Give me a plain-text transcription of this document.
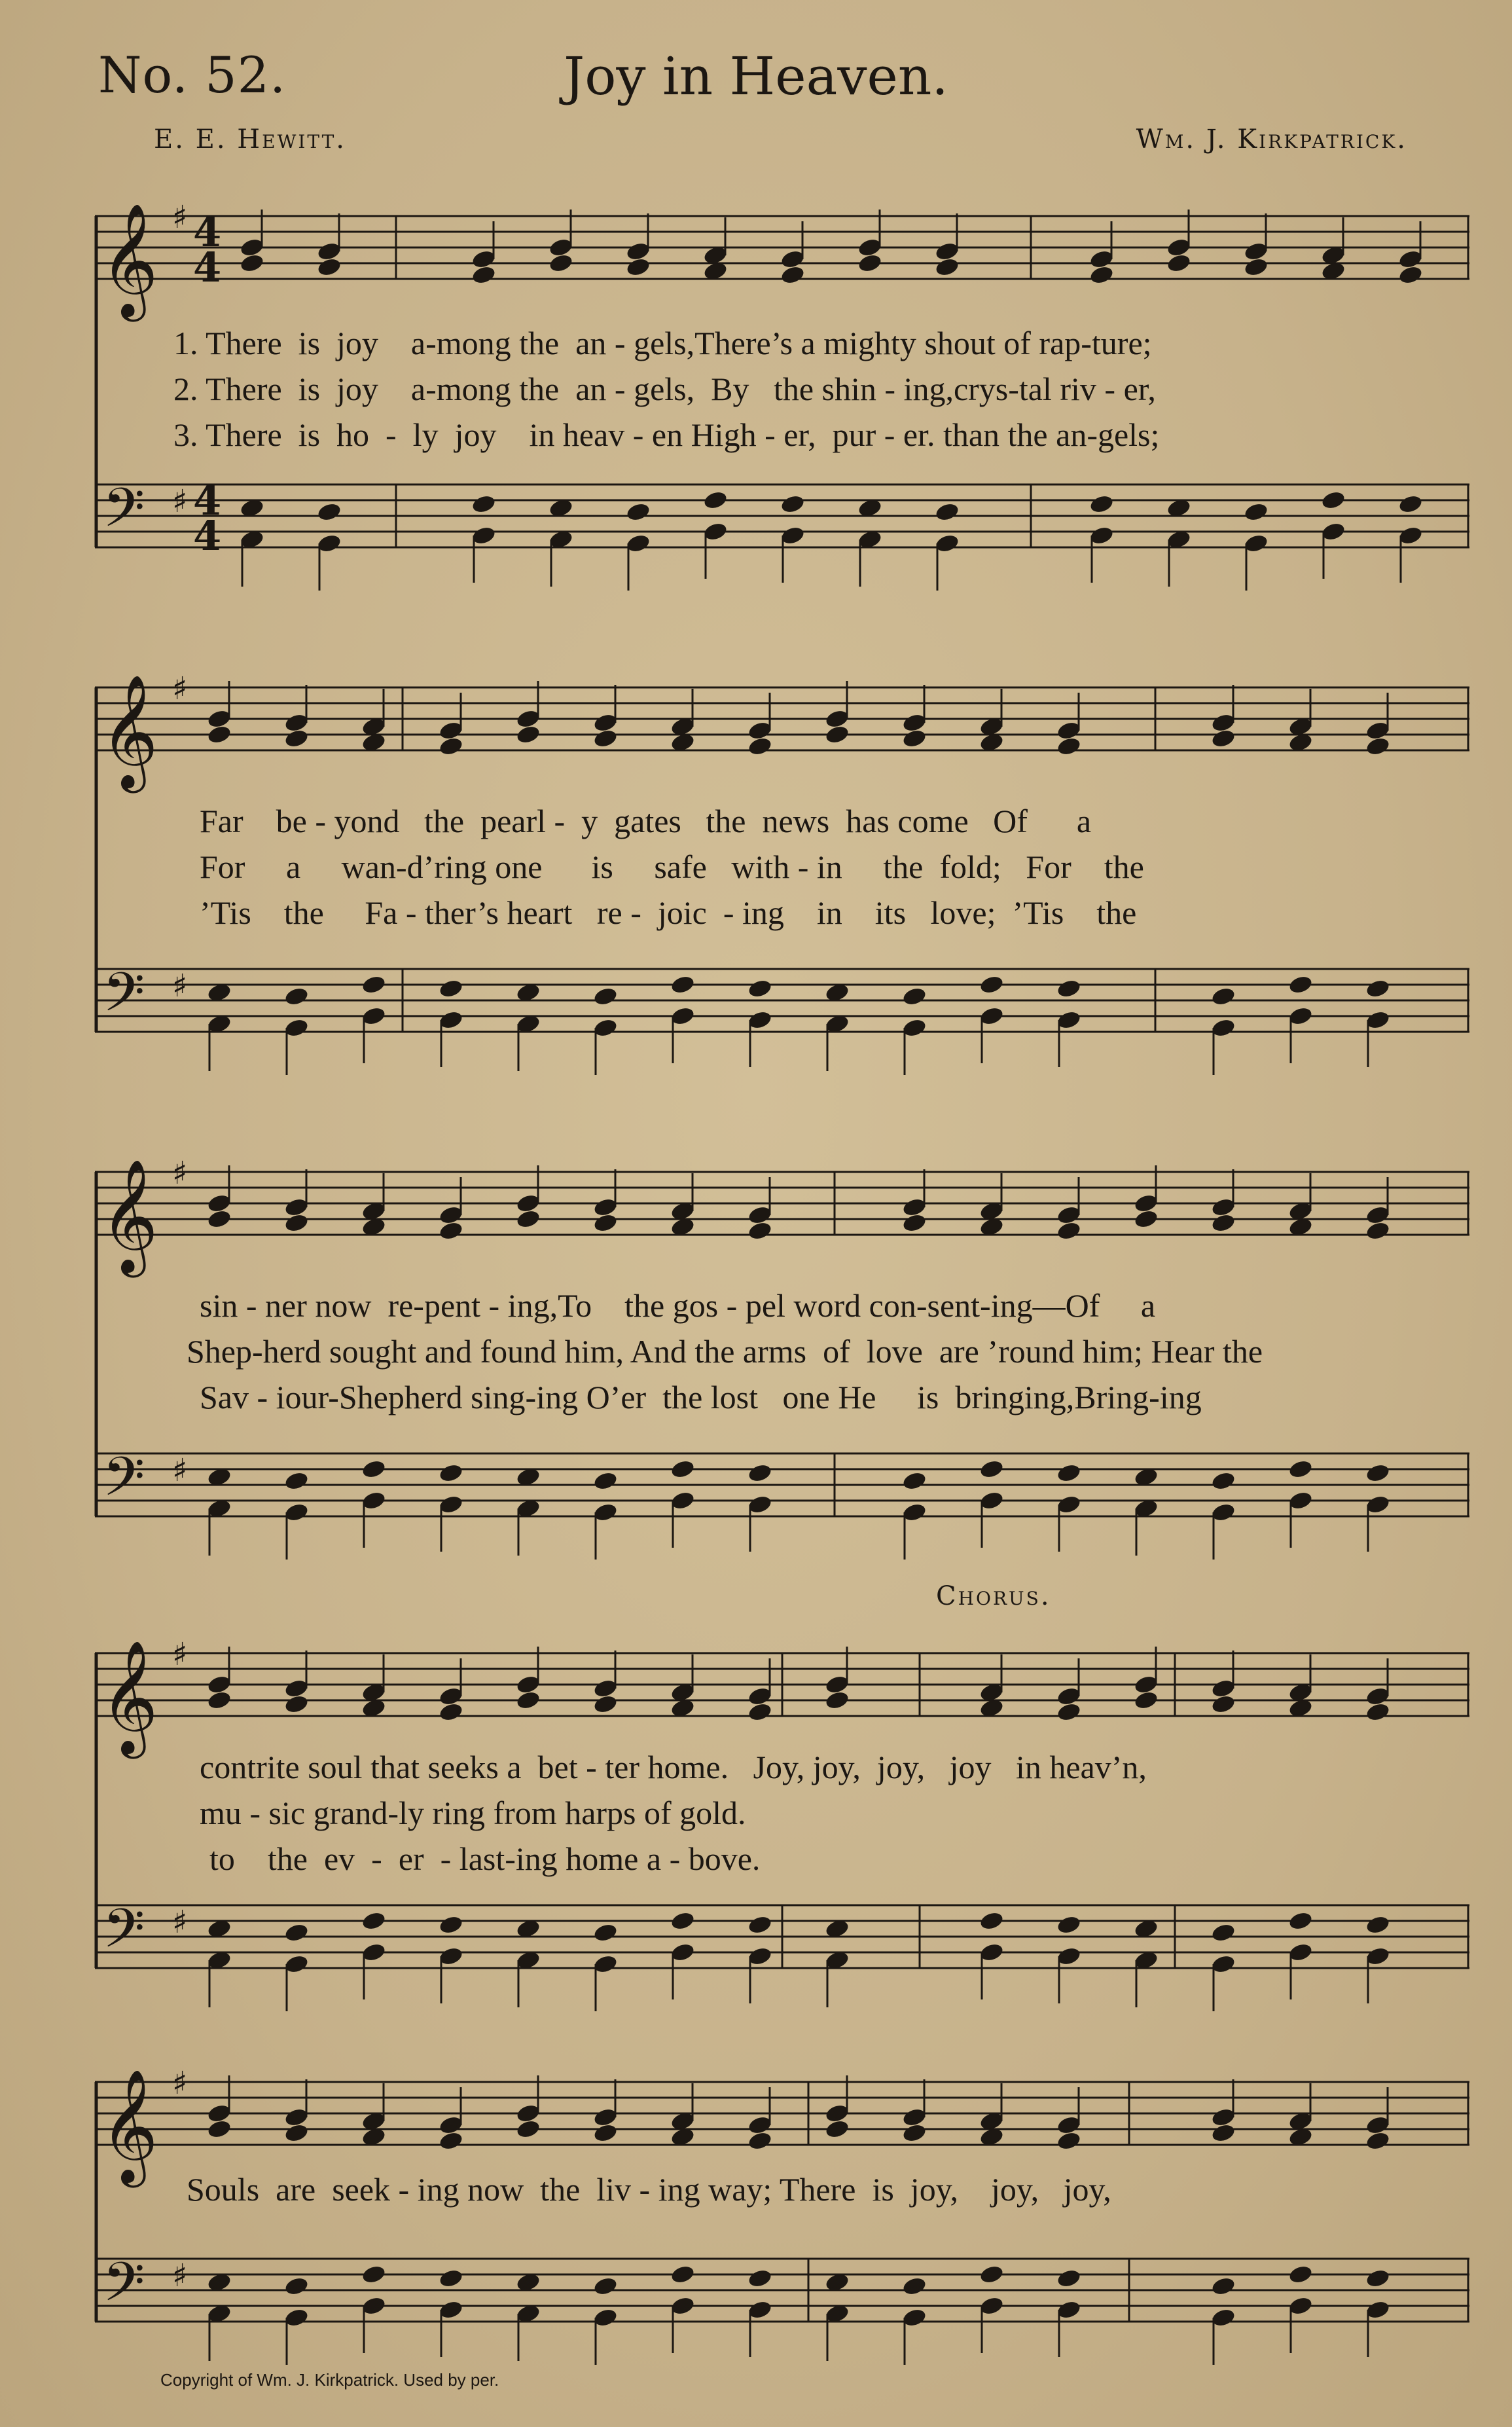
No. 52.	Joy in Heaven.
E. E. Hewitt.	Wm. J. Kirkpatrick.
𝄞
𝄢
♯
♯
4
4
4
4
1. There  is  joy    a-mong the  an - gels,There’s a mighty shout of rap-ture;
2. There  is  joy    a-mong the  an - gels,  By   the shin - ing,crys-tal riv - er,
3. There  is  ho  -  ly  joy    in heav - en High - er,  pur - er. than the an-gels;
𝄞
𝄢
♯
♯
Far    be - yond   the  pearl -  y  gates   the  news  has come   Of      a
For     a     wan-d’ring one      is     safe   with - in     the  fold;   For    the
’Tis    the     Fa - ther’s heart   re -  joic  - ing    in    its   love;  ’Tis    the
𝄞
𝄢
♯
♯
sin - ner now  re-pent - ing,To    the gos - pel word con-sent-ing—Of     a
Shep-herd sought and found him, And the arms  of  love  are ’round him; Hear the
Sav - iour-Shepherd sing-ing O’er  the lost   one He     is  bringing,Bring-ing
Chorus.
𝄞
𝄢
♯
♯
contrite soul that seeks a  bet - ter home.   Joy, joy,  joy,   joy   in heav’n,
mu - sic grand-ly ring from harps of gold.
to    the  ev  -  er  - last-ing home a - bove.
𝄞
𝄢
♯
♯
Souls  are  seek - ing now  the  liv - ing way; There  is  joy,    joy,   joy,
Copyright of Wm. J. Kirkpatrick. Used by per.
